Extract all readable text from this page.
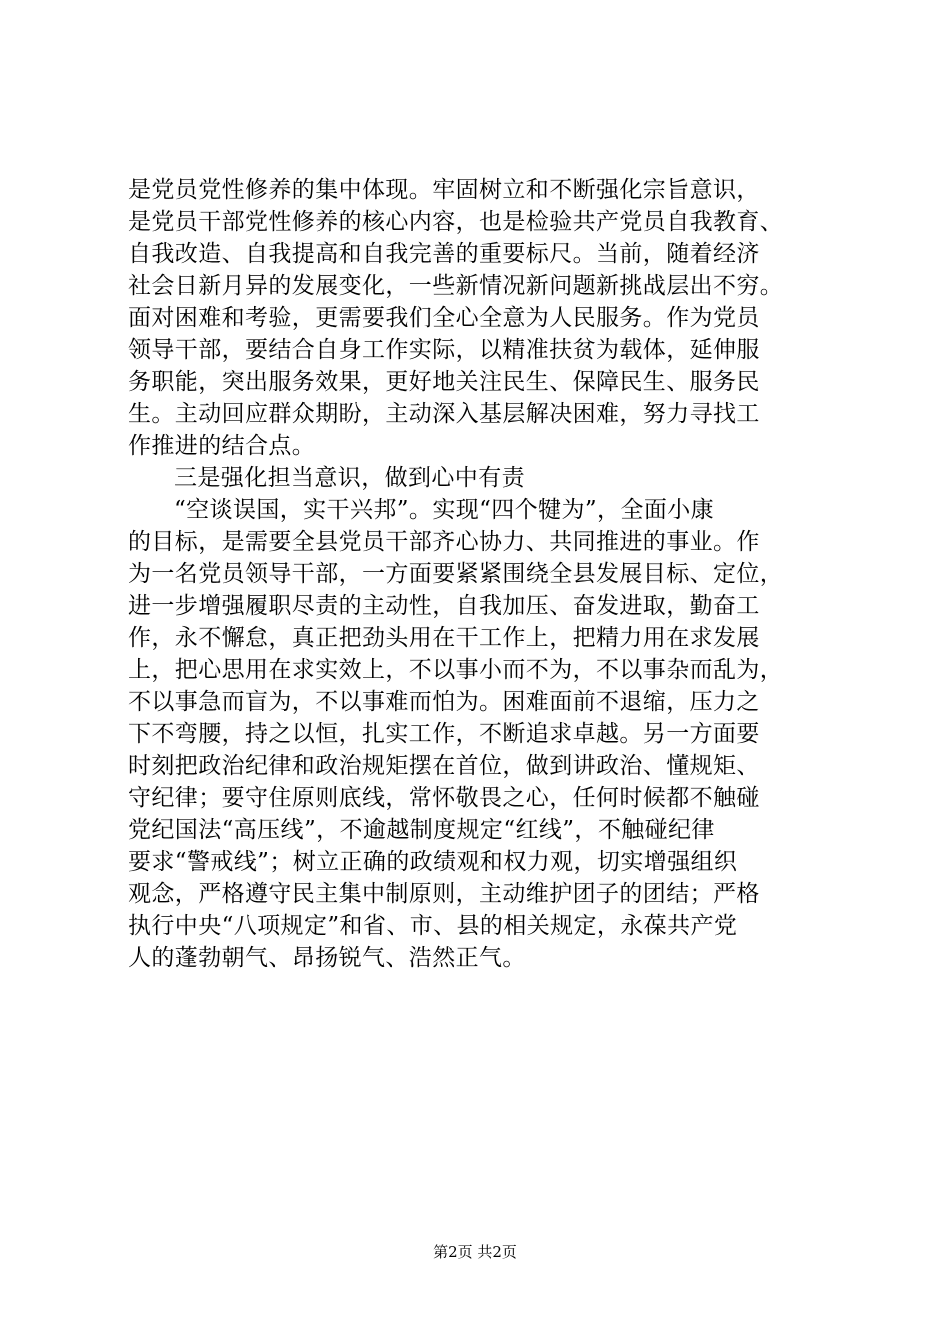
是党员党性修养的集中体现。牢固树立和不断强化宗旨意识，
是党员干部党性修养的核心内容，也是检验共产党员自我教育、
自我改造、自我提高和自我完善的重要标尺。当前，随着经济
社会日新月异的发展变化，一些新情况新问题新挑战层出不穷。
面对困难和考验，更需要我们全心全意为人民服务。作为党员
领导干部，要结合自身工作实际，以精准扶贫为载体，延伸服
务职能，突出服务效果，更好地关注民生、保障民生、服务民
生。主动回应群众期盼，主动深入基层解决困难，努力寻找工
作推进的结合点。
三是强化担当意识，做到心中有责
“空谈误国，实干兴邦”。实现“四个犍为”，全面小康
的目标，是需要全县党员干部齐心协力、共同推进的事业。作
为一名党员领导干部，一方面要紧紧围绕全县发展目标、定位，
进一步增强履职尽责的主动性，自我加压、奋发进取，勤奋工
作，永不懈怠，真正把劲头用在干工作上，把精力用在求发展
上，把心思用在求实效上，不以事小而不为，不以事杂而乱为，
不以事急而盲为，不以事难而怕为。困难面前不退缩，压力之
下不弯腰，持之以恒，扎实工作，不断追求卓越。另一方面要
时刻把政治纪律和政治规矩摆在首位，做到讲政治、懂规矩、
守纪律；要守住原则底线，常怀敬畏之心，任何时候都不触碰
党纪国法“高压线”，不逾越制度规定“红线”，不触碰纪律
要求“警戒线”；树立正确的政绩观和权力观，切实增强组织
观念，严格遵守民主集中制原则，主动维护团子的团结；严格
执行中央“八项规定”和省、市、县的相关规定，永葆共产党
人的蓬勃朝气、昂扬锐气、浩然正气。
第2页 共2页
